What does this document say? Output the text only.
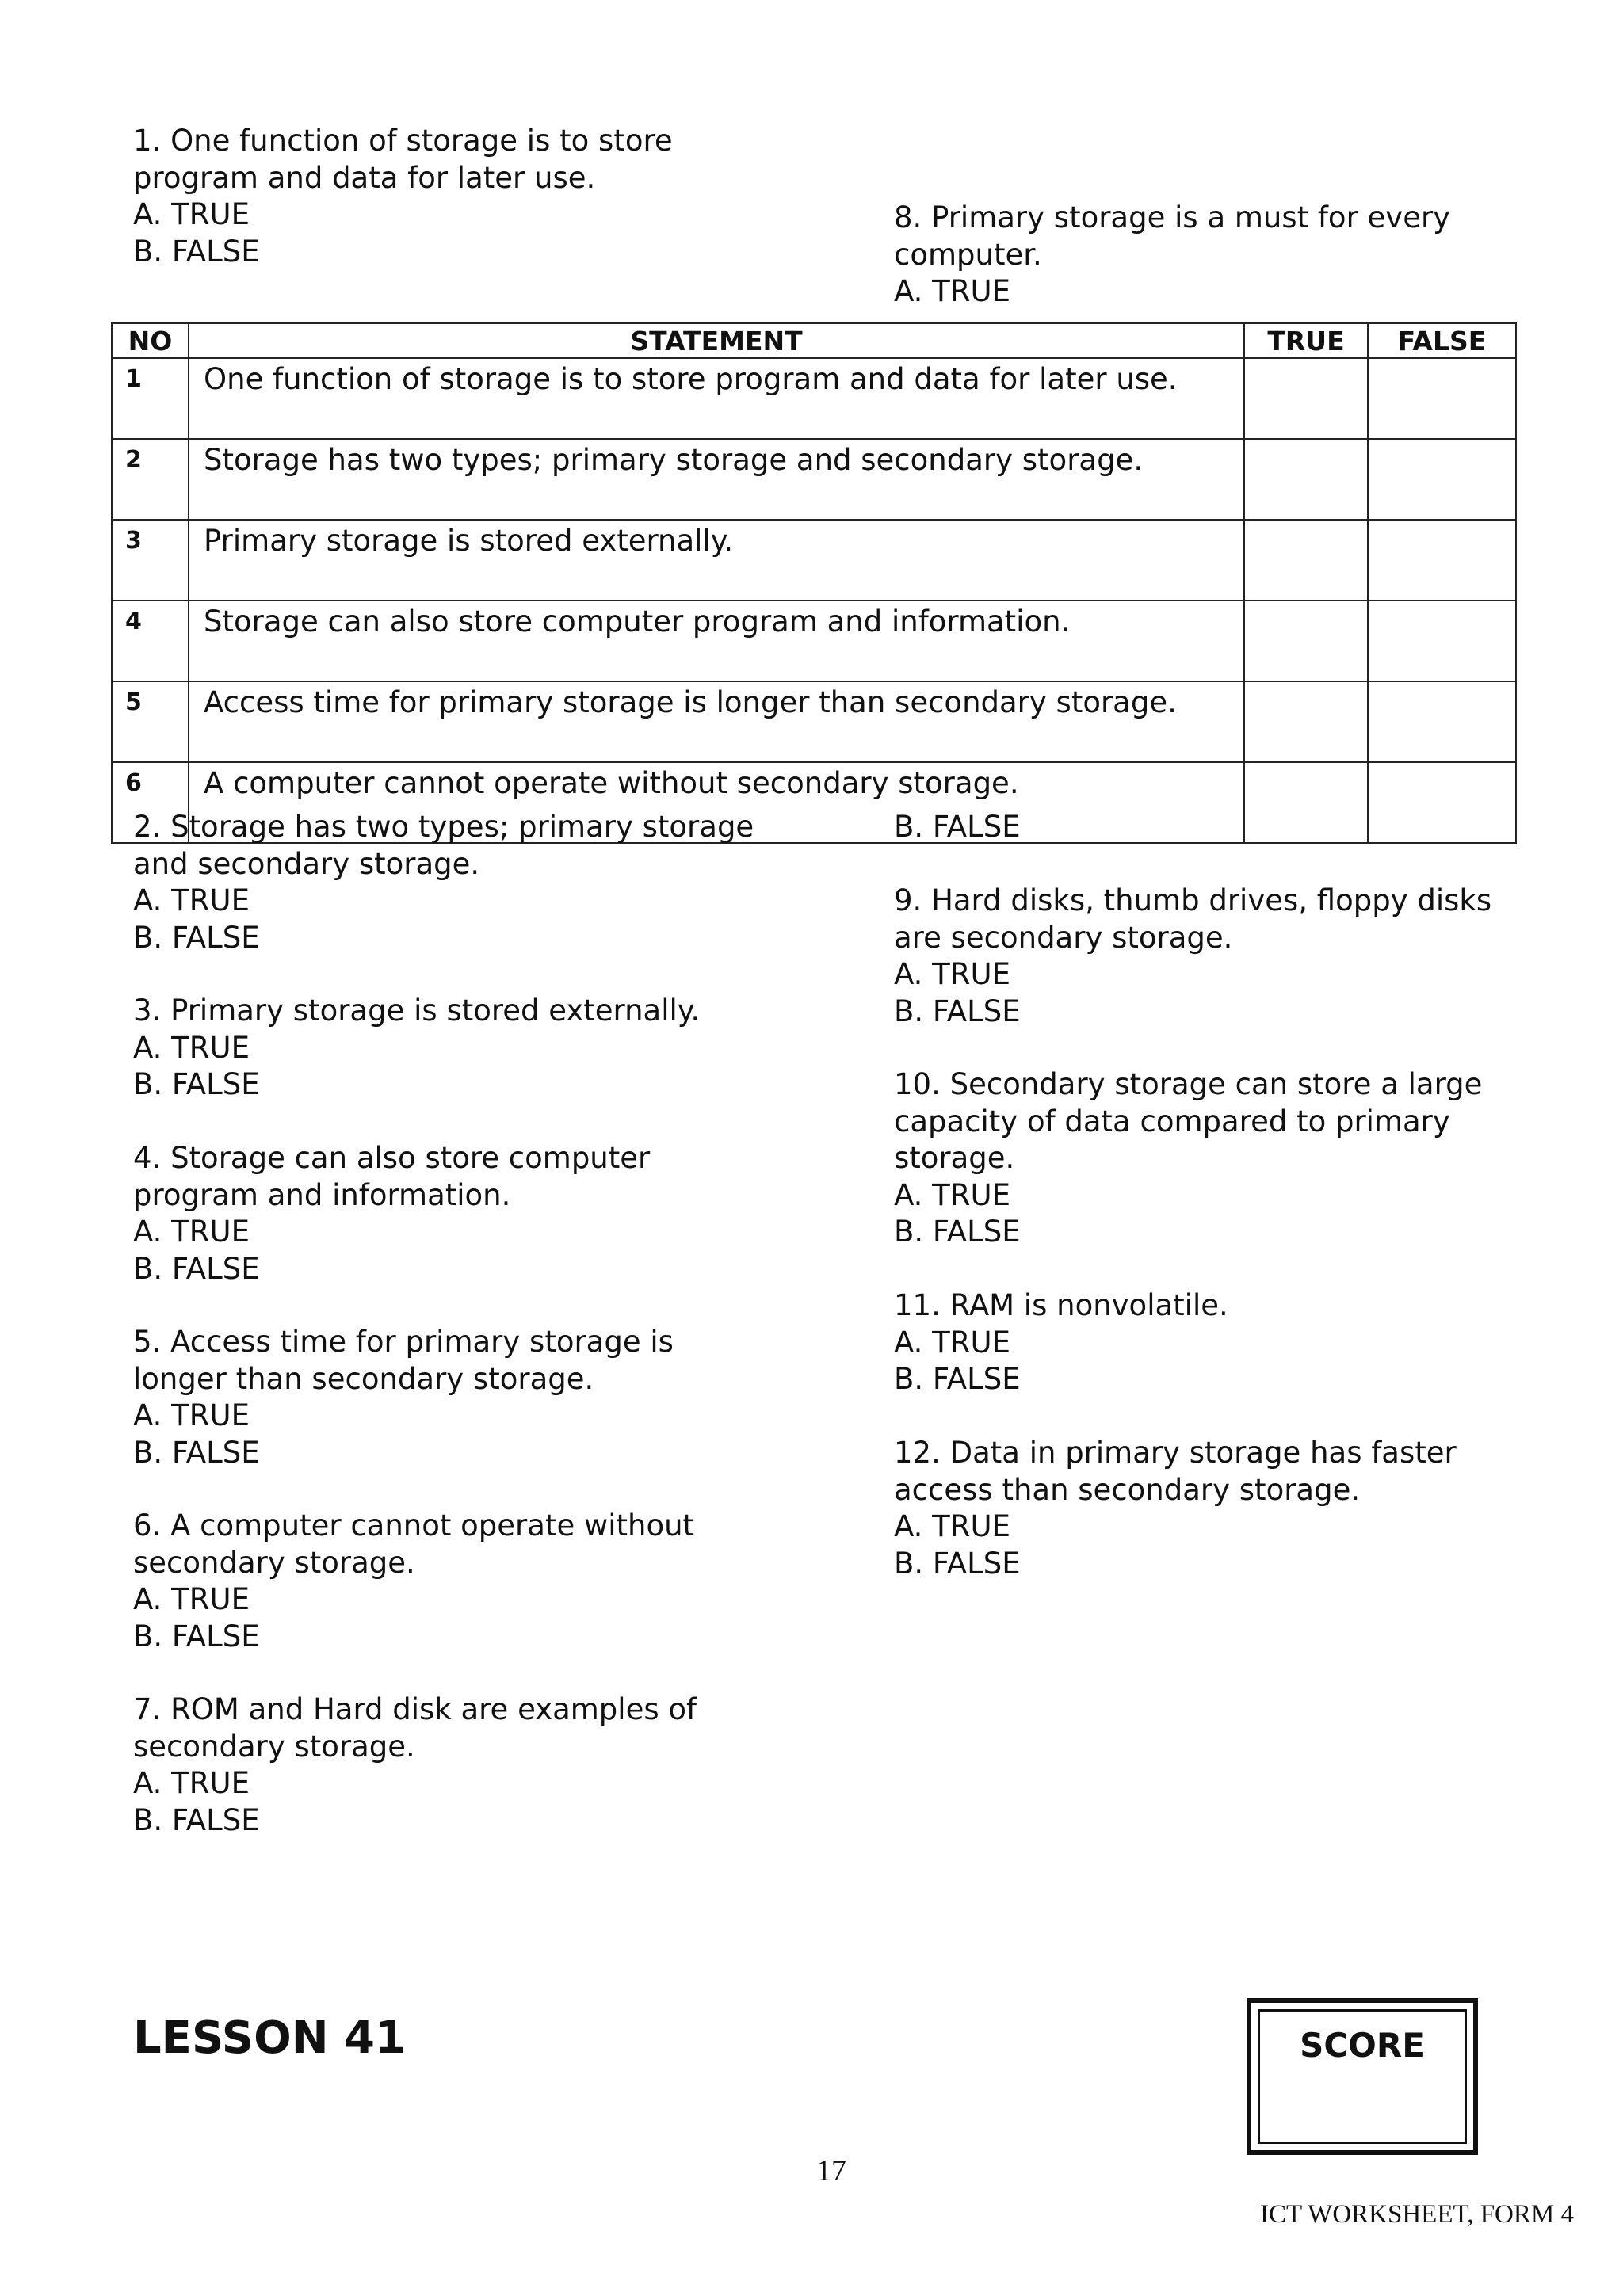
1. One function of storage is to store
program and data for later use.
A. TRUE
B. FALSE
8. Primary storage is a must for every
computer.
A. TRUE
NO	STATEMENT	TRUE	FALSE
1	One function of storage is to store program and data for later use.		
2	Storage has two types; primary storage and secondary storage.		
3	Primary storage is stored externally.		
4	Storage can also store computer program and information.		
5	Access time for primary storage is longer than secondary storage.		
6	A computer cannot operate without secondary storage.		
2. Storage has two types; primary storage
and secondary storage.
A. TRUE
B. FALSE
3. Primary storage is stored externally.
A. TRUE
B. FALSE
4. Storage can also store computer
program and information.
A. TRUE
B. FALSE
5. Access time for primary storage is
longer than secondary storage.
A. TRUE
B. FALSE
6. A computer cannot operate without
secondary storage.
A. TRUE
B. FALSE
7. ROM and Hard disk are examples of
secondary storage.
A. TRUE
B. FALSE
B. FALSE
9. Hard disks, thumb drives, floppy disks
are secondary storage.
A. TRUE
B. FALSE
10. Secondary storage can store a large
capacity of data compared to primary
storage.
A. TRUE
B. FALSE
11. RAM is nonvolatile.
A. TRUE
B. FALSE
12. Data in primary storage has faster
access than secondary storage.
A. TRUE
B. FALSE
LESSON 41	SCORE
17
ICT WORKSHEET, FORM 4
